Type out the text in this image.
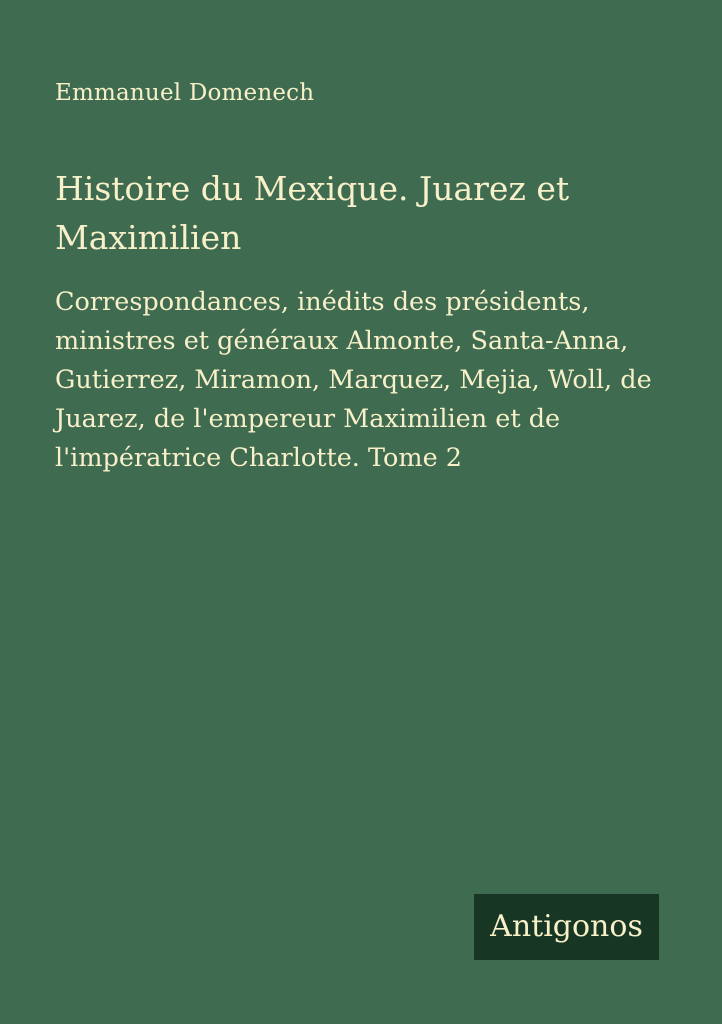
Emmanuel Domenech
Histoire du Mexique. Juarez et Maximilien
Correspondances, inédits des présidents, ministres et généraux Almonte, Santa-Anna, Gutierrez, Miramon, Marquez, Mejia, Woll, de Juarez, de l'empereur Maximilien et de l'impératrice Charlotte. Tome 2
Antigonos
